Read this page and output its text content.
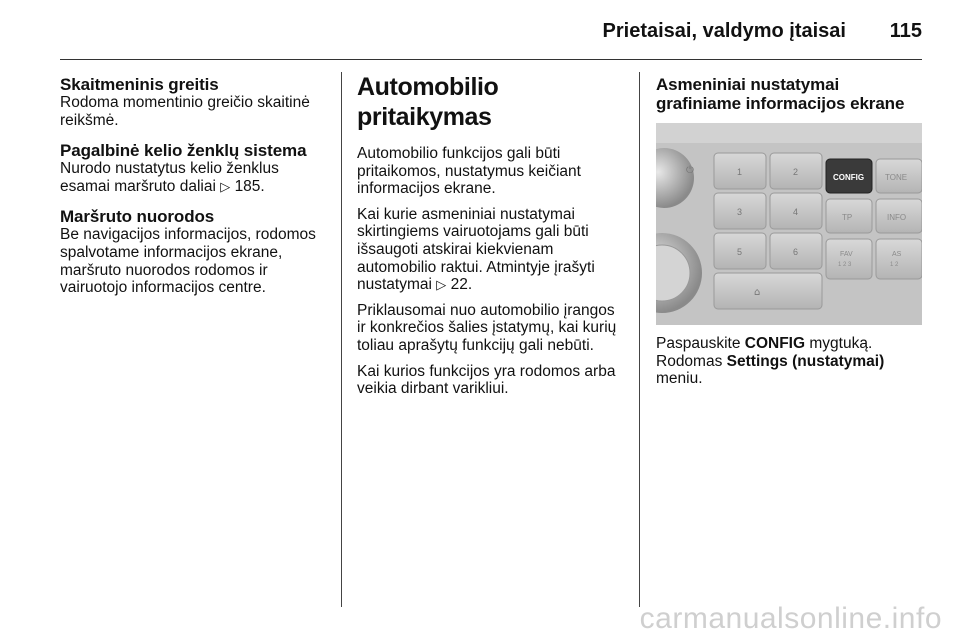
Prietaisai, valdymo įtaisai 115
Skaitmeninis greitis

Rodoma momentinio greičio skaitinė reikšmė.

Pagalbinė kelio ženklų sistema

Nurodo nustatytus kelio ženklus esamai maršruto daliai ▷ 185.

Maršruto nuorodos

Be navigacijos informacijos, rodomos spalvotame informacijos ekrane, maršruto nuorodos rodomos ir vairuotojo informacijos centre.

Automobilio pritaikymas

Automobilio funkcijos gali būti pritaikomos, nustatymus keičiant informacijos ekrane.

Kai kurie asmeniniai nustatymai skirtingiems vairuotojams gali būti išsaugoti atskirai kiekvienam automobilio raktui. Atmintyje įrašyti nustatymai ▷ 22.

Priklausomai nuo automobilio įrangos ir konkrečios šalies įstatymų, kai kurių toliau aprašytų funkcijų gali nebūti.

Kai kurios funkcijos yra rodomos arba veikia dirbant varikliui.

Asmeniniai nustatymai grafiniame informacijos ekrane
⏻
⌂
1	2
3	4
5	6
CONFIG	TONE
TP	INFO
FAV
1 2 3
AS
1 2

Paspauskite CONFIG mygtuką.

Rodomas Settings (nustatymai)

meniu.

carmanualsonline.info
